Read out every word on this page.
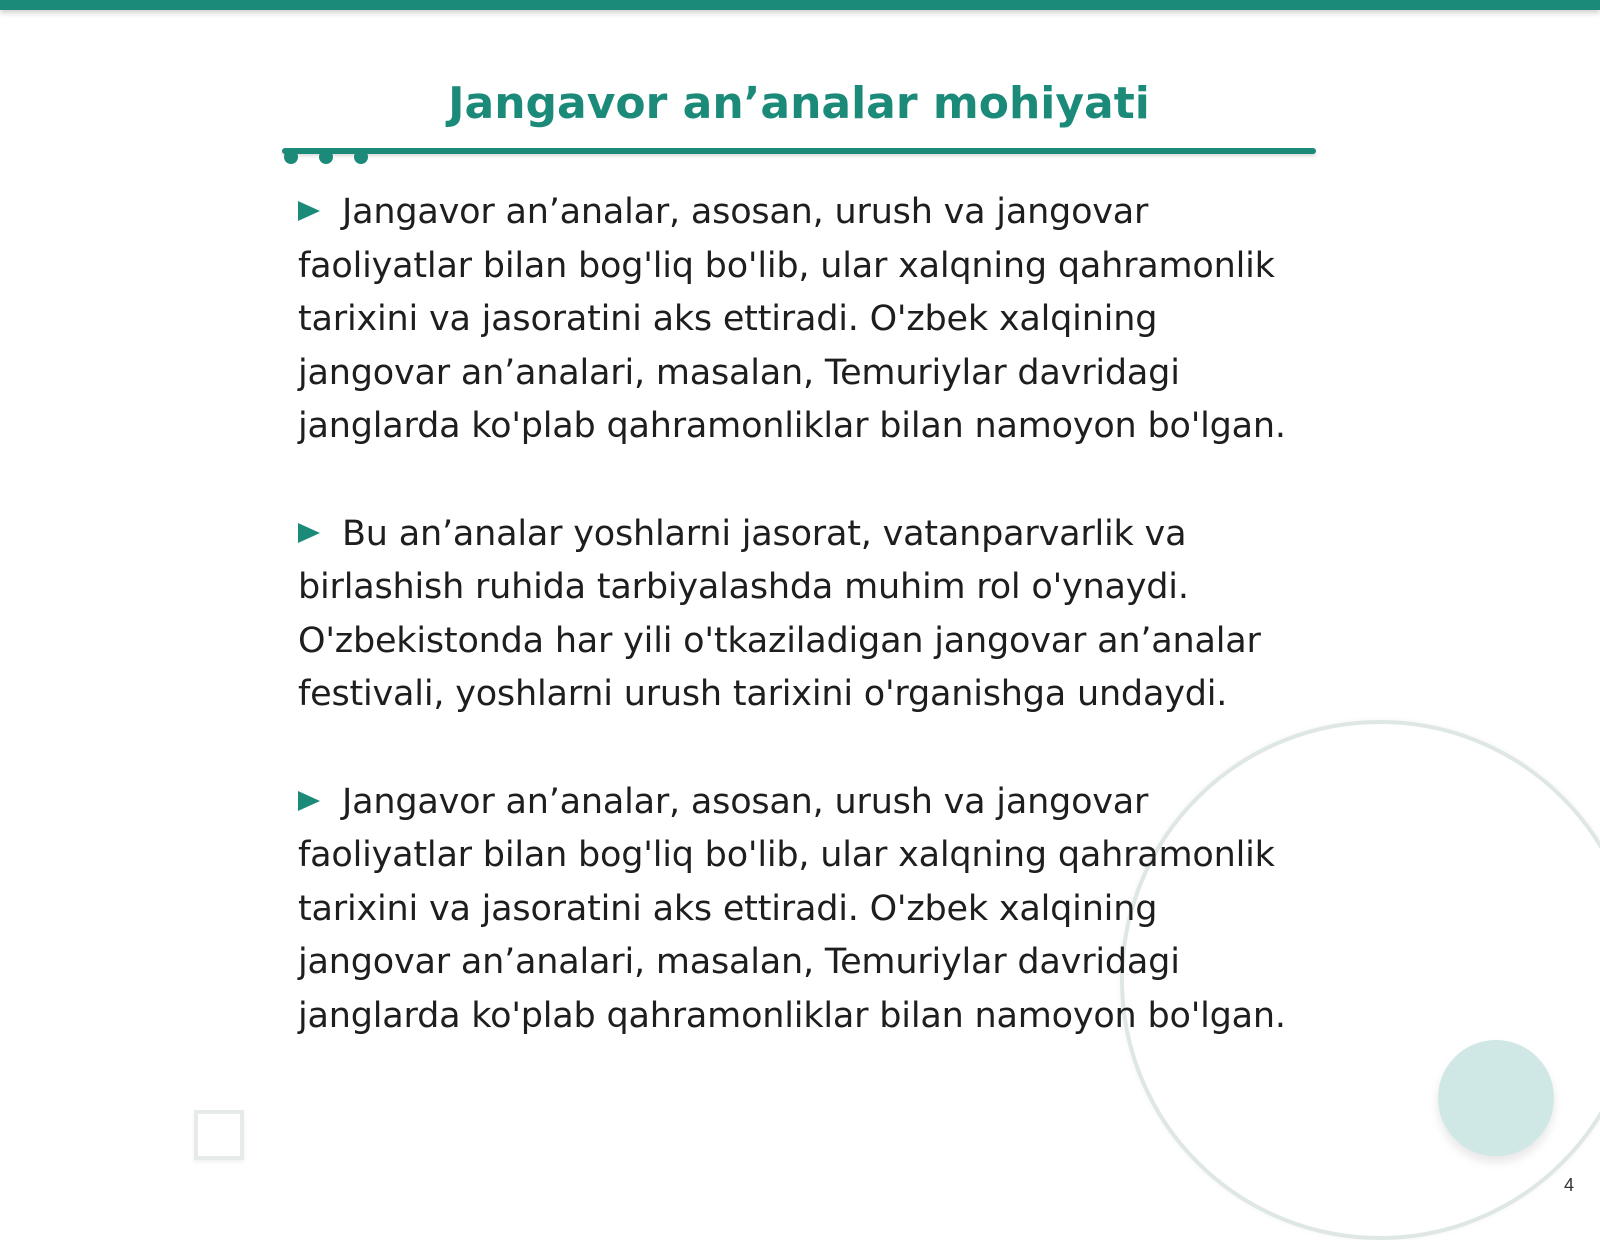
Jangavor an’analar mohiyati

Jangavor an’analar, asosan, urush va jangovar faoliyatlar bilan bog'liq bo'lib, ular xalqning qahramonlik tarixini va jasoratini aks ettiradi. O'zbek xalqining jangovar an’analari, masalan, Temuriylar davridagi janglarda ko'plab qahramonliklar bilan namoyon bo'lgan.

Bu an’analar yoshlarni jasorat, vatanparvarlik va birlashish ruhida tarbiyalashda muhim rol o'ynaydi. O'zbekistonda har yili o'tkaziladigan jangovar an’analar festivali, yoshlarni urush tarixini o'rganishga undaydi.

Jangavor an’analar, asosan, urush va jangovar faoliyatlar bilan bog'liq bo'lib, ular xalqning qahramonlik tarixini va jasoratini aks ettiradi. O'zbek xalqining jangovar an’analari, masalan, Temuriylar davridagi janglarda ko'plab qahramonliklar bilan namoyon bo'lgan.

4
